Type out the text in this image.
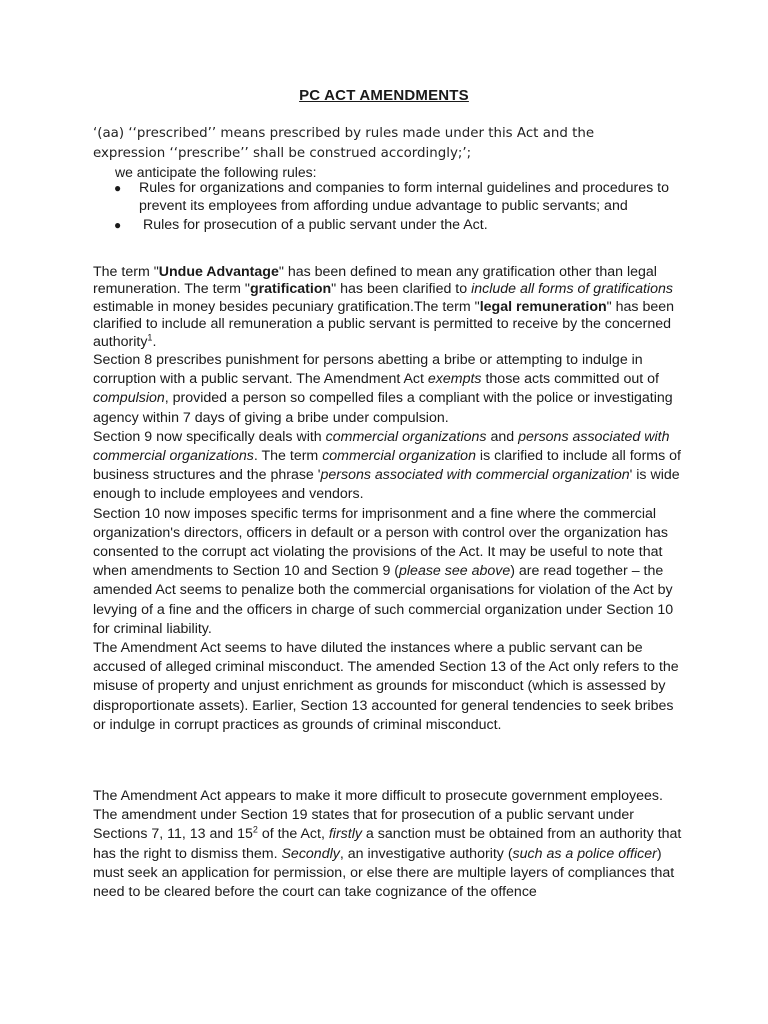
PC ACT AMENDMENTS
‘(aa) ‘‘prescribed’’ means prescribed by rules made under this Act and the
expression ‘‘prescribe’’ shall be construed accordingly;’;
we anticipate the following rules:
● Rules for organizations and companies to form internal guidelines and procedures to prevent its employees from affording undue advantage to public servants; and
● Rules for prosecution of a public servant under the Act.

The term "Undue Advantage" has been defined to mean any gratification other than legal remuneration. The term "gratification" has been clarified to include all forms of gratifications estimable in money besides pecuniary gratification.The term "legal remuneration" has been clarified to include all remuneration a public servant is permitted to receive by the concerned authority$^1$.

Section 8 prescribes punishment for persons abetting a bribe or attempting to indulge in corruption with a public servant. The Amendment Act exempts those acts committed out of compulsion, provided a person so compelled files a compliant with the police or investigating agency within 7 days of giving a bribe under compulsion.

Section 9 now specifically deals with commercial organizations and persons associated with commercial organizations. The term commercial organization is clarified to include all forms of business structures and the phrase 'persons associated with commercial organization' is wide enough to include employees and vendors.

Section 10 now imposes specific terms for imprisonment and a fine where the commercial organization's directors, officers in default or a person with control over the organization has consented to the corrupt act violating the provisions of the Act. It may be useful to note that when amendments to Section 10 and Section 9 (please see above) are read together – the amended Act seems to penalize both the commercial organisations for violation of the Act by levying of a fine and the officers in charge of such commercial organization under Section 10 for criminal liability.

The Amendment Act seems to have diluted the instances where a public servant can be accused of alleged criminal misconduct. The amended Section 13 of the Act only refers to the misuse of property and unjust enrichment as grounds for misconduct (which is assessed by disproportionate assets). Earlier, Section 13 accounted for general tendencies to seek bribes or indulge in corrupt practices as grounds of criminal misconduct.

The Amendment Act appears to make it more difficult to prosecute government employees. The amendment under Section 19 states that for prosecution of a public servant under Sections 7, 11, 13 and $15^2$ of the Act, firstly a sanction must be obtained from an authority that has the right to dismiss them. Secondly, an investigative authority (such as a police officer) must seek an application for permission, or else there are multiple layers of compliances that need to be cleared before the court can take cognizance of the offence
